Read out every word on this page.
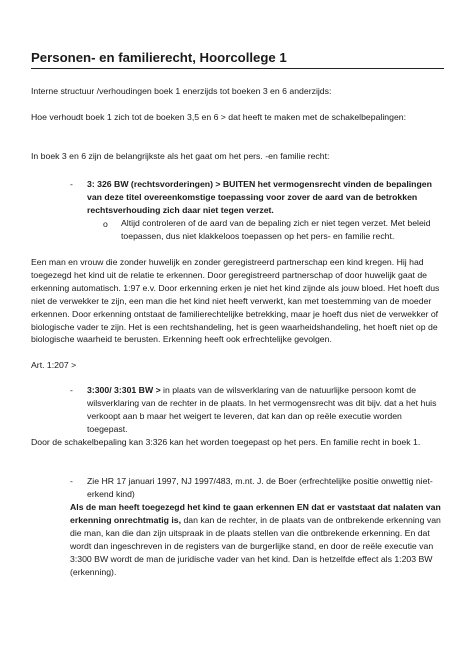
Personen- en familierecht, Hoorcollege 1

Interne structuur /verhoudingen boek 1 enerzijds tot boeken 3 en 6 anderzijds:

Hoe verhoudt boek 1 zich tot de boeken 3,5 en 6 > dat heeft te maken met de schakelbepalingen:

In boek 3 en 6 zijn de belangrijkste als het gaat om het pers. -en familie recht:

- 3: 326 BW (rechtsvorderingen) > BUITEN het vermogensrecht vinden de bepalingen van deze titel overeenkomstige toepassing voor zover de aard van de betrokken rechtsverhouding zich daar niet tegen verzet.

o Altijd controleren of de aard van de bepaling zich er niet tegen verzet. Met beleid toepassen, dus niet klakkeloos toepassen op het pers- en familie recht.

Een man en vrouw die zonder huwelijk en zonder geregistreerd partnerschap een kind kregen. Hij had toegezegd het kind uit de relatie te erkennen. Door geregistreerd partnerschap of door huwelijk gaat de erkenning automatisch. 1:97 e.v. Door erkenning erken je niet het kind zijnde als jouw bloed. Het hoeft dus niet de verwekker te zijn, een man die het kind niet heeft verwerkt, kan met toestemming van de moeder erkennen. Door erkenning ontstaat de familierechtelijke betrekking, maar je hoeft dus niet de verwekker of biologische vader te zijn. Het is een rechtshandeling, het is geen waarheidshandeling, het hoeft niet op de biologische waarheid te berusten. Erkenning heeft ook erfrechtelijke gevolgen.

Art. 1:207 >

- 3:300/ 3:301 BW > in plaats van de wilsverklaring van de natuurlijke persoon komt de wilsverklaring van de rechter in de plaats. In het vermogensrecht was dit bijv. dat a het huis verkoopt aan b maar het weigert te leveren, dat kan dan op reële executie worden toegepast.

Door de schakelbepaling kan 3:326 kan het worden toegepast op het pers. En familie recht in boek 1.

- Zie HR 17 januari 1997, NJ 1997/483, m.nt. J. de Boer (erfrechtelijke positie onwettig niet-erkend kind)

Als de man heeft toegezegd het kind te gaan erkennen EN dat er vaststaat dat nalaten van erkenning onrechtmatig is, dan kan de rechter, in de plaats van de ontbrekende erkenning van die man, kan die dan zijn uitspraak in de plaats stellen van die ontbrekende erkenning. En dat wordt dan ingeschreven in de registers van de burgerlijke stand, en door de reële executie van 3:300 BW wordt de man de juridische vader van het kind. Dan is hetzelfde effect als 1:203 BW (erkenning).
